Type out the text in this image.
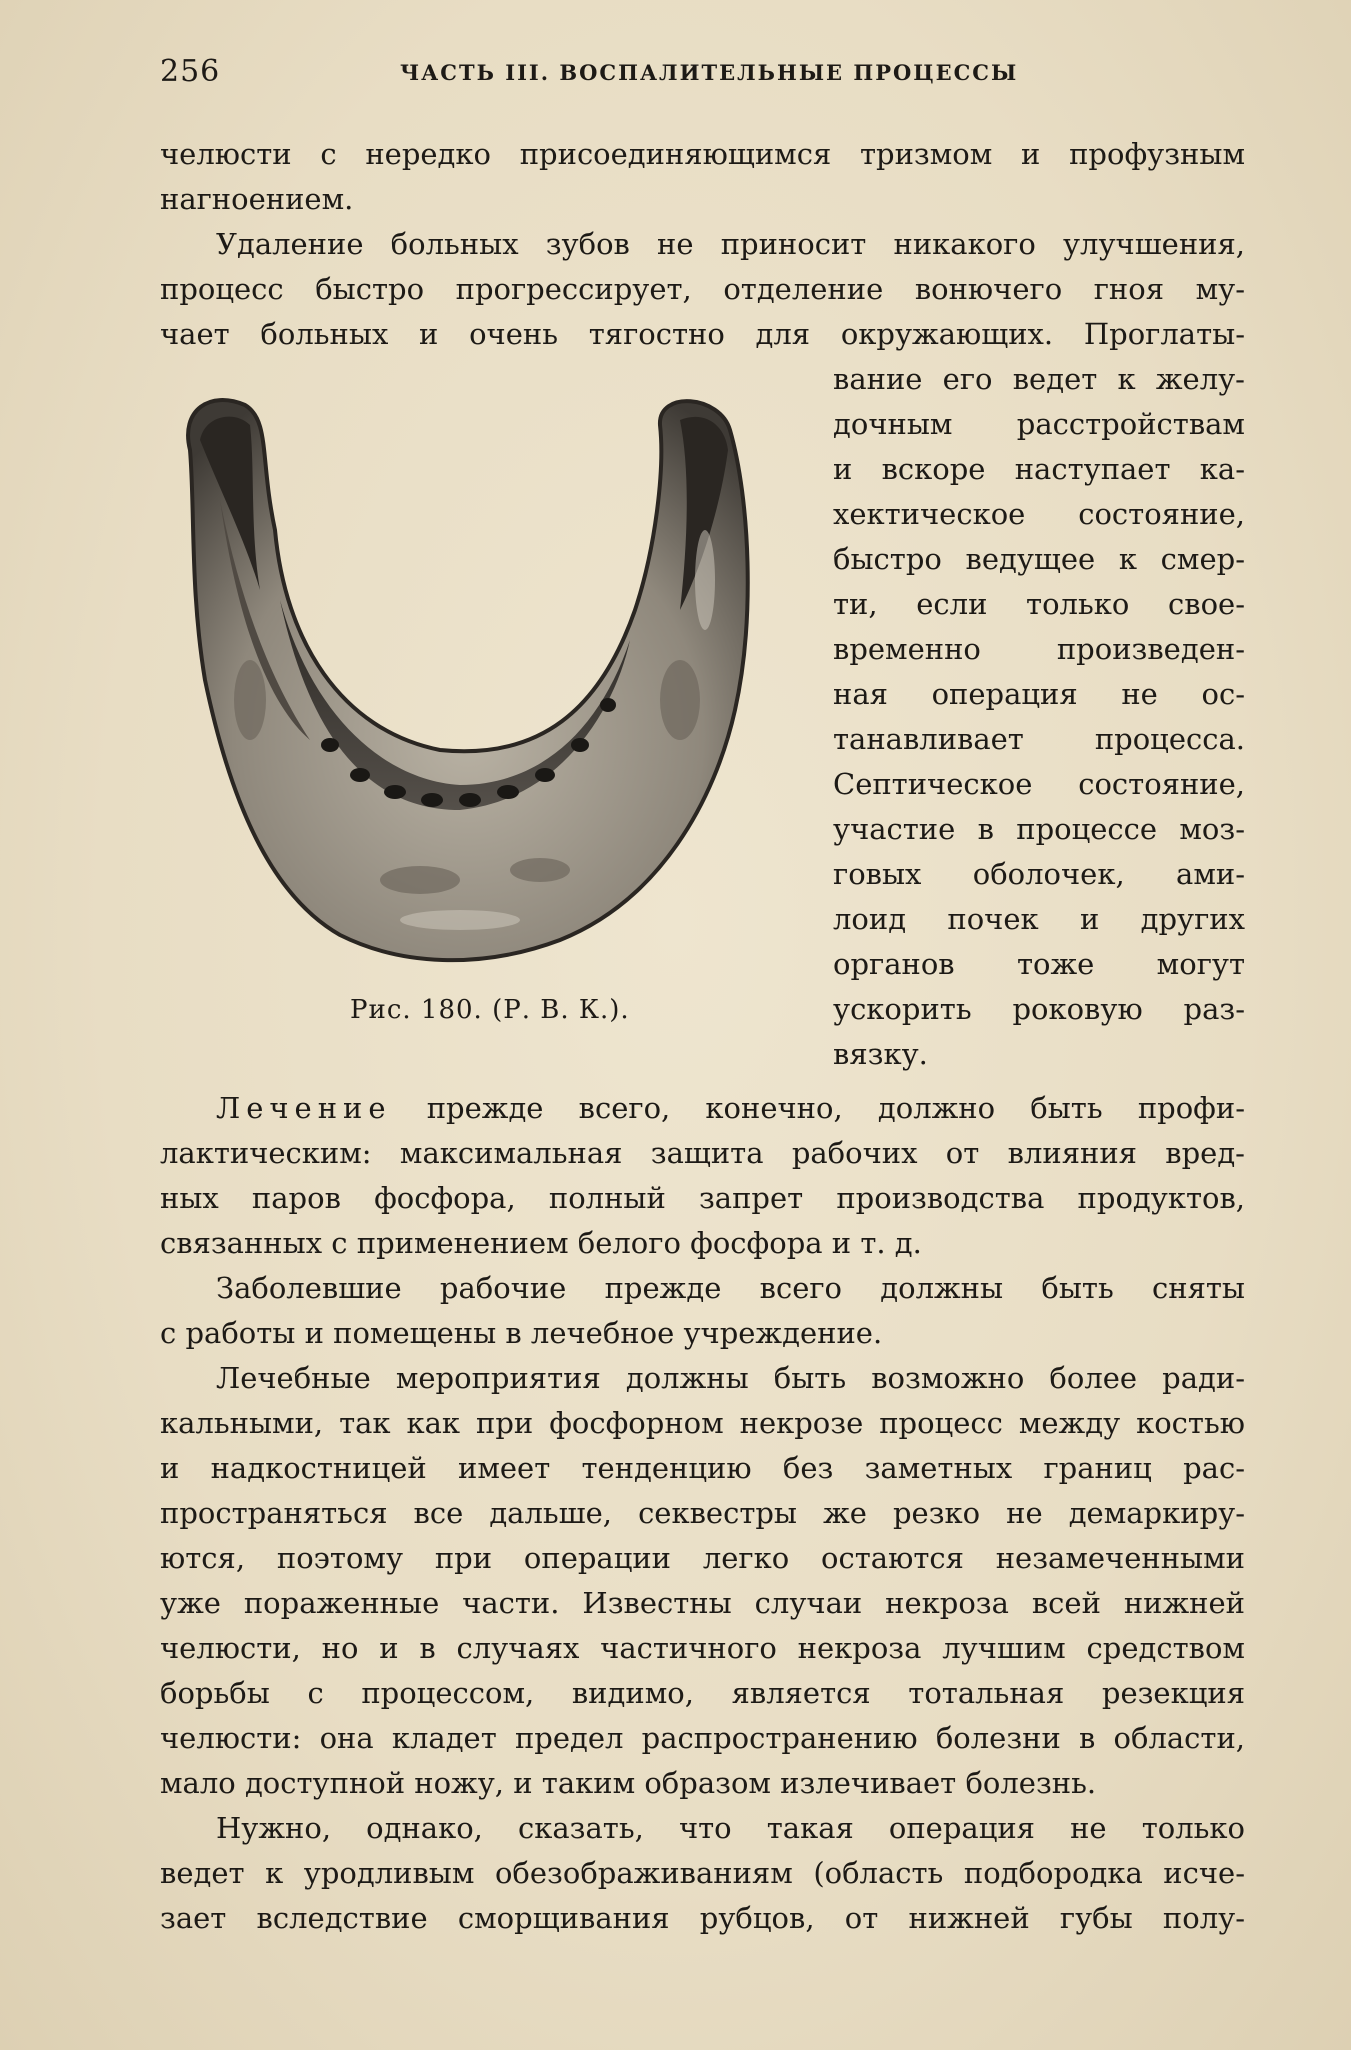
256	ЧАСТЬ III. ВОСПАЛИТЕЛЬНЫЕ ПРОЦЕССЫ
челюсти с нередко присоединяющимся тризмом и профузным
нагноением.
Удаление больных зубов не приносит никакого улучшения,
процесс быстро прогрессирует, отделение вонючего гноя му-
чает больных и очень тягостно для окружающих. Проглаты-
Рис. 180. (Р. В. К.).
вание его ведет к желу-
дочным расстройствам
и вскоре наступает ка-
хектическое состояние,
быстро ведущее к смер-
ти, если только свое-
временно произведен-
ная операция не ос-
танавливает процесса.
Септическое состояние,
участие в процессе моз-
говых оболочек, ами-
лоид почек и других
органов тоже могут
ускорить роковую раз-
вязку.
Лечение прежде всего, конечно, должно быть профи-
лактическим: максимальная защита рабочих от влияния вред-
ных паров фосфора, полный запрет производства продуктов,
связанных с применением белого фосфора и т. д.
Заболевшие рабочие прежде всего должны быть сняты
с работы и помещены в лечебное учреждение.
Лечебные мероприятия должны быть возможно более ради-
кальными, так как при фосфорном некрозе процесс между костью
и надкостницей имеет тенденцию без заметных границ рас-
пространяться все дальше, секвестры же резко не демаркиру-
ются, поэтому при операции легко остаются незамеченными
уже пораженные части. Известны случаи некроза всей нижней
челюсти, но и в случаях частичного некроза лучшим средством
борьбы с процессом, видимо, является тотальная резекция
челюсти: она кладет предел распространению болезни в области,
мало доступной ножу, и таким образом излечивает болезнь.
Нужно, однако, сказать, что такая операция не только
ведет к уродливым обезображиваниям (область подбородка исче-
зает вследствие сморщивания рубцов, от нижней губы полу-
